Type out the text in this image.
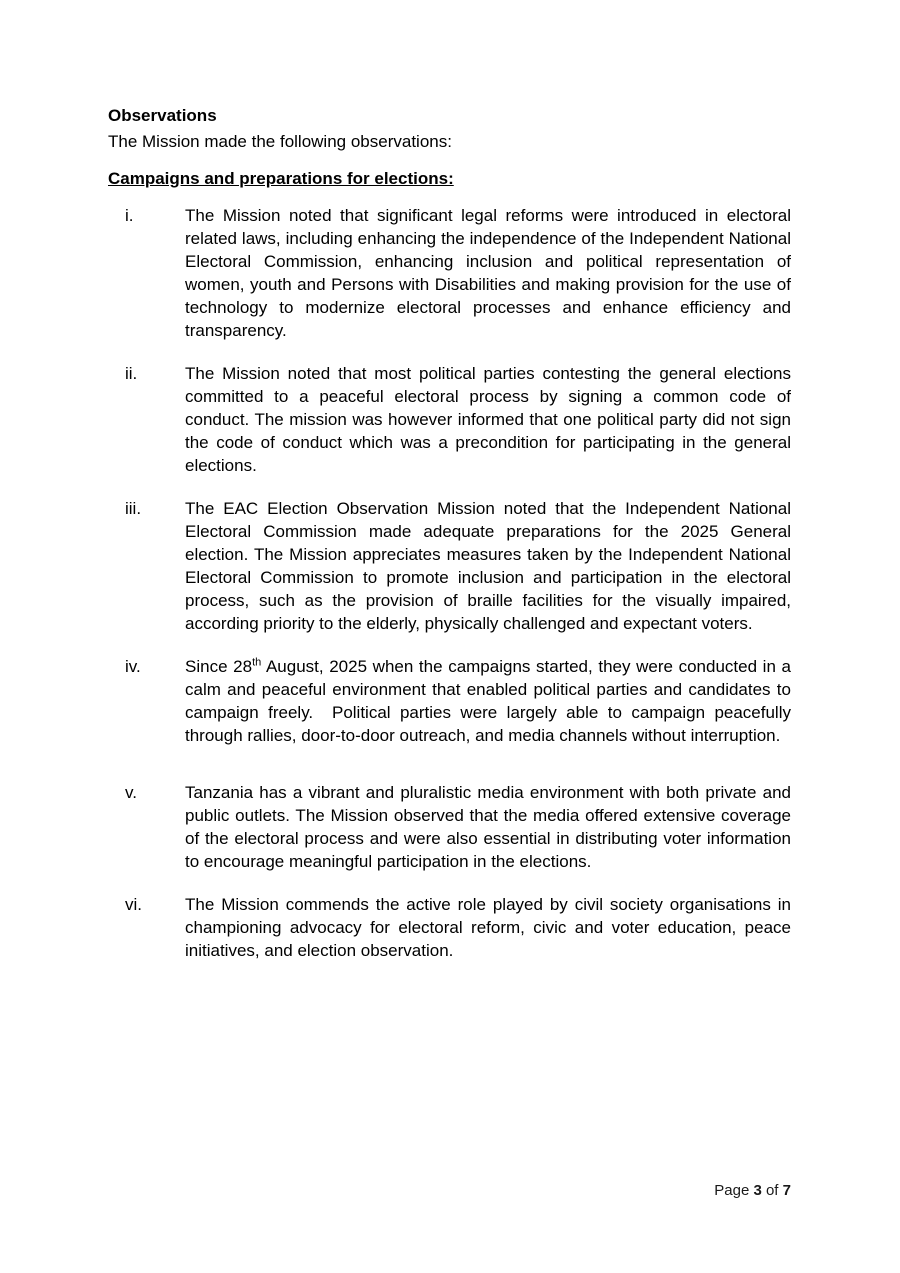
Observations

The Mission made the following observations:

Campaigns and preparations for elections:
i.	The Mission noted that significant legal reforms were introduced in electoral related laws, including enhancing the independence of the Independent National Electoral Commission, enhancing inclusion and political representation of women, youth and Persons with Disabilities and making provision for the use of technology to modernize electoral processes and enhance efficiency and transparency.
ii.	The Mission noted that most political parties contesting the general elections committed to a peaceful electoral process by signing a common code of conduct. The mission was however informed that one political party did not sign the code of conduct which was a precondition for participating in the general elections.
iii.	The EAC Election Observation Mission noted that the Independent National Electoral Commission made adequate preparations for the 2025 General election. The Mission appreciates measures taken by the Independent National Electoral Commission to promote inclusion and participation in the electoral process, such as the provision of braille facilities for the visually impaired, according priority to the elderly, physically challenged and expectant voters.
iv.	Since 28th August, 2025 when the campaigns started, they were conducted in a calm and peaceful environment that enabled political parties and candidates to campaign freely.  Political parties were largely able to campaign peacefully through rallies, door-to-door outreach, and media channels without interruption.
v.	Tanzania has a vibrant and pluralistic media environment with both private and public outlets. The Mission observed that the media offered extensive coverage of the electoral process and were also essential in distributing voter information to encourage meaningful participation in the elections.
vi.	The Mission commends the active role played by civil society organisations in championing advocacy for electoral reform, civic and voter education, peace initiatives, and election observation.
Page 3 of 7
